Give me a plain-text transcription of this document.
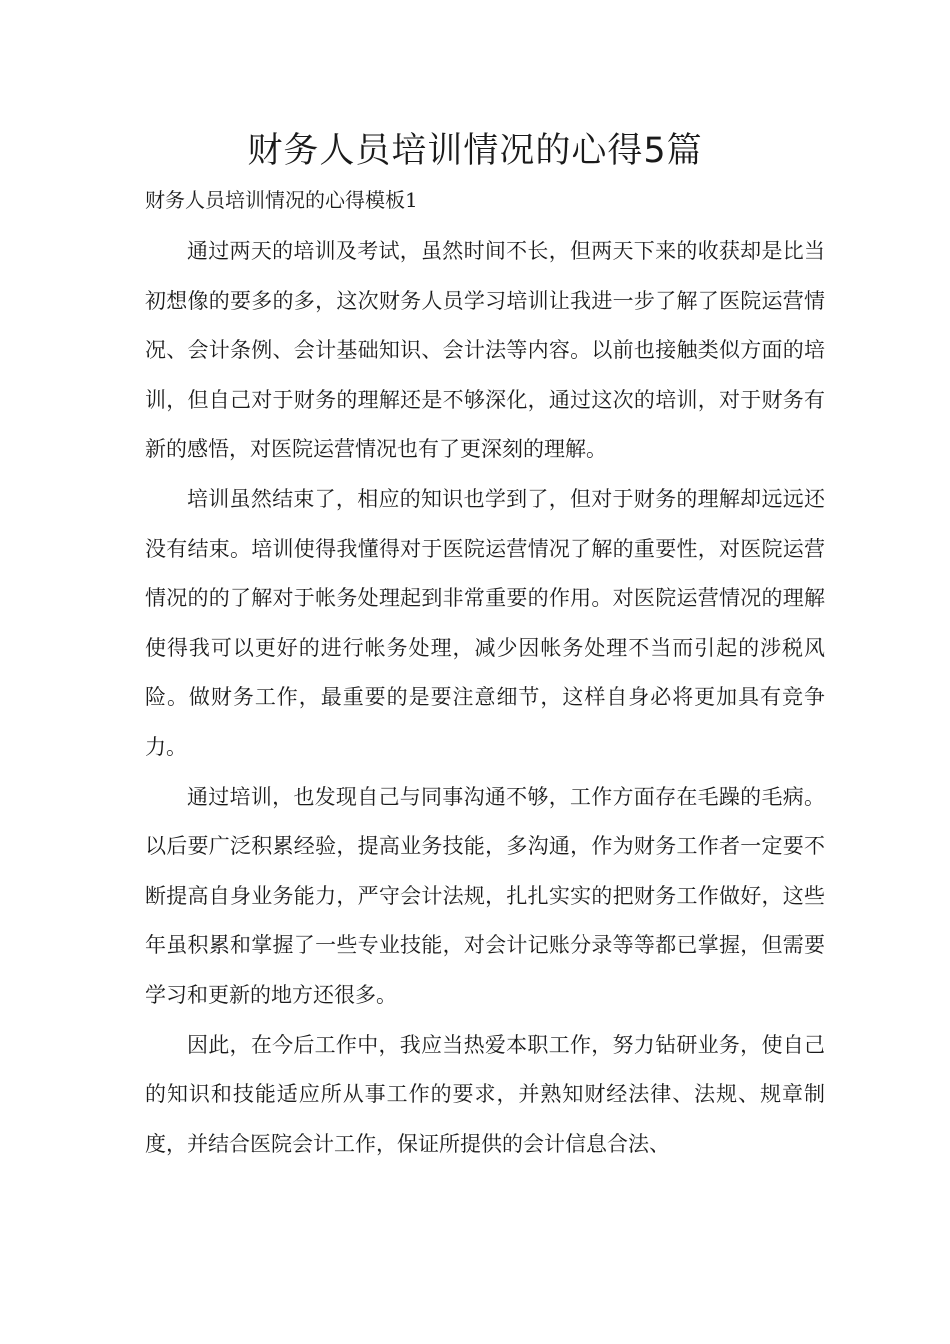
财务人员培训情况的心得5篇

财务人员培训情况的心得模板1

通过两天的培训及考试，虽然时间不长，但两天下来的收获却是比当初想像的要多的多，这次财务人员学习培训让我进一步了解了医院运营情况、会计条例、会计基础知识、会计法等内容。以前也接触类似方面的培训，但自己对于财务的理解还是不够深化，通过这次的培训，对于财务有新的感悟，对医院运营情况也有了更深刻的理解。

培训虽然结束了，相应的知识也学到了，但对于财务的理解却远远还没有结束。培训使得我懂得对于医院运营情况了解的重要性，对医院运营情况的的了解对于帐务处理起到非常重要的作用。对医院运营情况的理解使得我可以更好的进行帐务处理，减少因帐务处理不当而引起的涉税风险。做财务工作，最重要的是要注意细节，这样自身必将更加具有竞争力。

通过培训，也发现自己与同事沟通不够，工作方面存在毛躁的毛病。以后要广泛积累经验，提高业务技能，多沟通，作为财务工作者一定要不断提高自身业务能力，严守会计法规，扎扎实实的把财务工作做好，这些年虽积累和掌握了一些专业技能，对会计记账分录等等都已掌握，但需要学习和更新的地方还很多。

因此，在今后工作中，我应当热爱本职工作，努力钻研业务，使自己的知识和技能适应所从事工作的要求，并熟知财经法律、法规、规章制度，并结合医院会计工作，保证所提供的会计信息合法、
